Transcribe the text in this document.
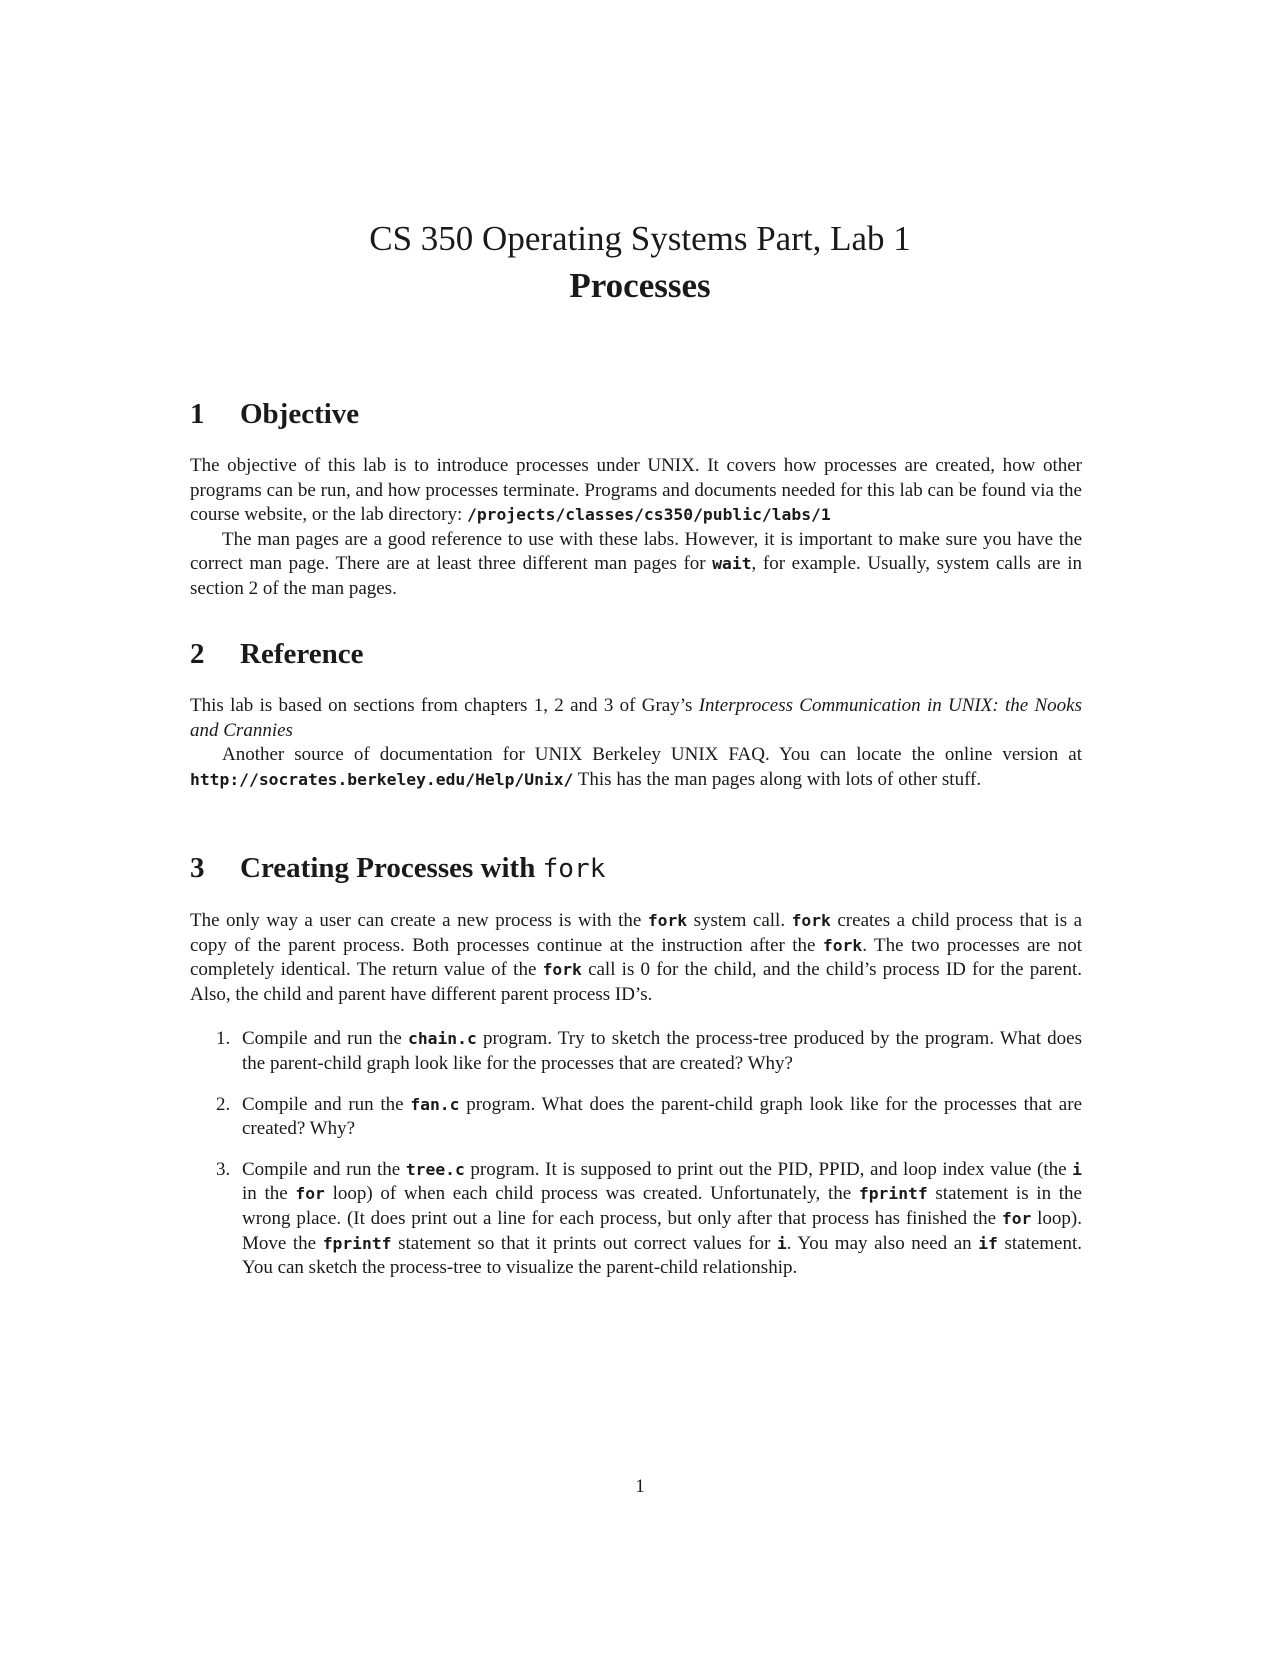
CS 350 Operating Systems Part, Lab 1
Processes
1 Objective

The objective of this lab is to introduce processes under UNIX. It covers how processes are created, how other programs can be run, and how processes terminate. Programs and documents needed for this lab can be found via the course website, or the lab directory: /projects/classes/cs350/public/labs/1

The man pages are a good reference to use with these labs. However, it is important to make sure you have the correct man page. There are at least three different man pages for wait, for example. Usually, system calls are in section 2 of the man pages.

2 Reference

This lab is based on sections from chapters 1, 2 and 3 of Gray’s Interprocess Communication in UNIX: the Nooks and Crannies

Another source of documentation for UNIX Berkeley UNIX FAQ. You can locate the online version at http://socrates.berkeley.edu/Help/Unix/ This has the man pages along with lots of other stuff.

3 Creating Processes with fork

The only way a user can create a new process is with the fork system call. fork creates a child process that is a copy of the parent process. Both processes continue at the instruction after the fork. The two processes are not completely identical. The return value of the fork call is 0 for the child, and the child’s process ID for the parent. Also, the child and parent have different parent process ID’s.

1. Compile and run the chain.c program. Try to sketch the process-tree produced by the program. What does the parent-child graph look like for the processes that are created? Why?
2. Compile and run the fan.c program. What does the parent-child graph look like for the processes that are created? Why?
3. Compile and run the tree.c program. It is supposed to print out the PID, PPID, and loop index value (the i in the for loop) of when each child process was created. Unfortunately, the fprintf statement is in the wrong place. (It does print out a line for each process, but only after that process has finished the for loop). Move the fprintf statement so that it prints out correct values for i. You may also need an if statement. You can sketch the process-tree to visualize the parent-child relationship.
1
